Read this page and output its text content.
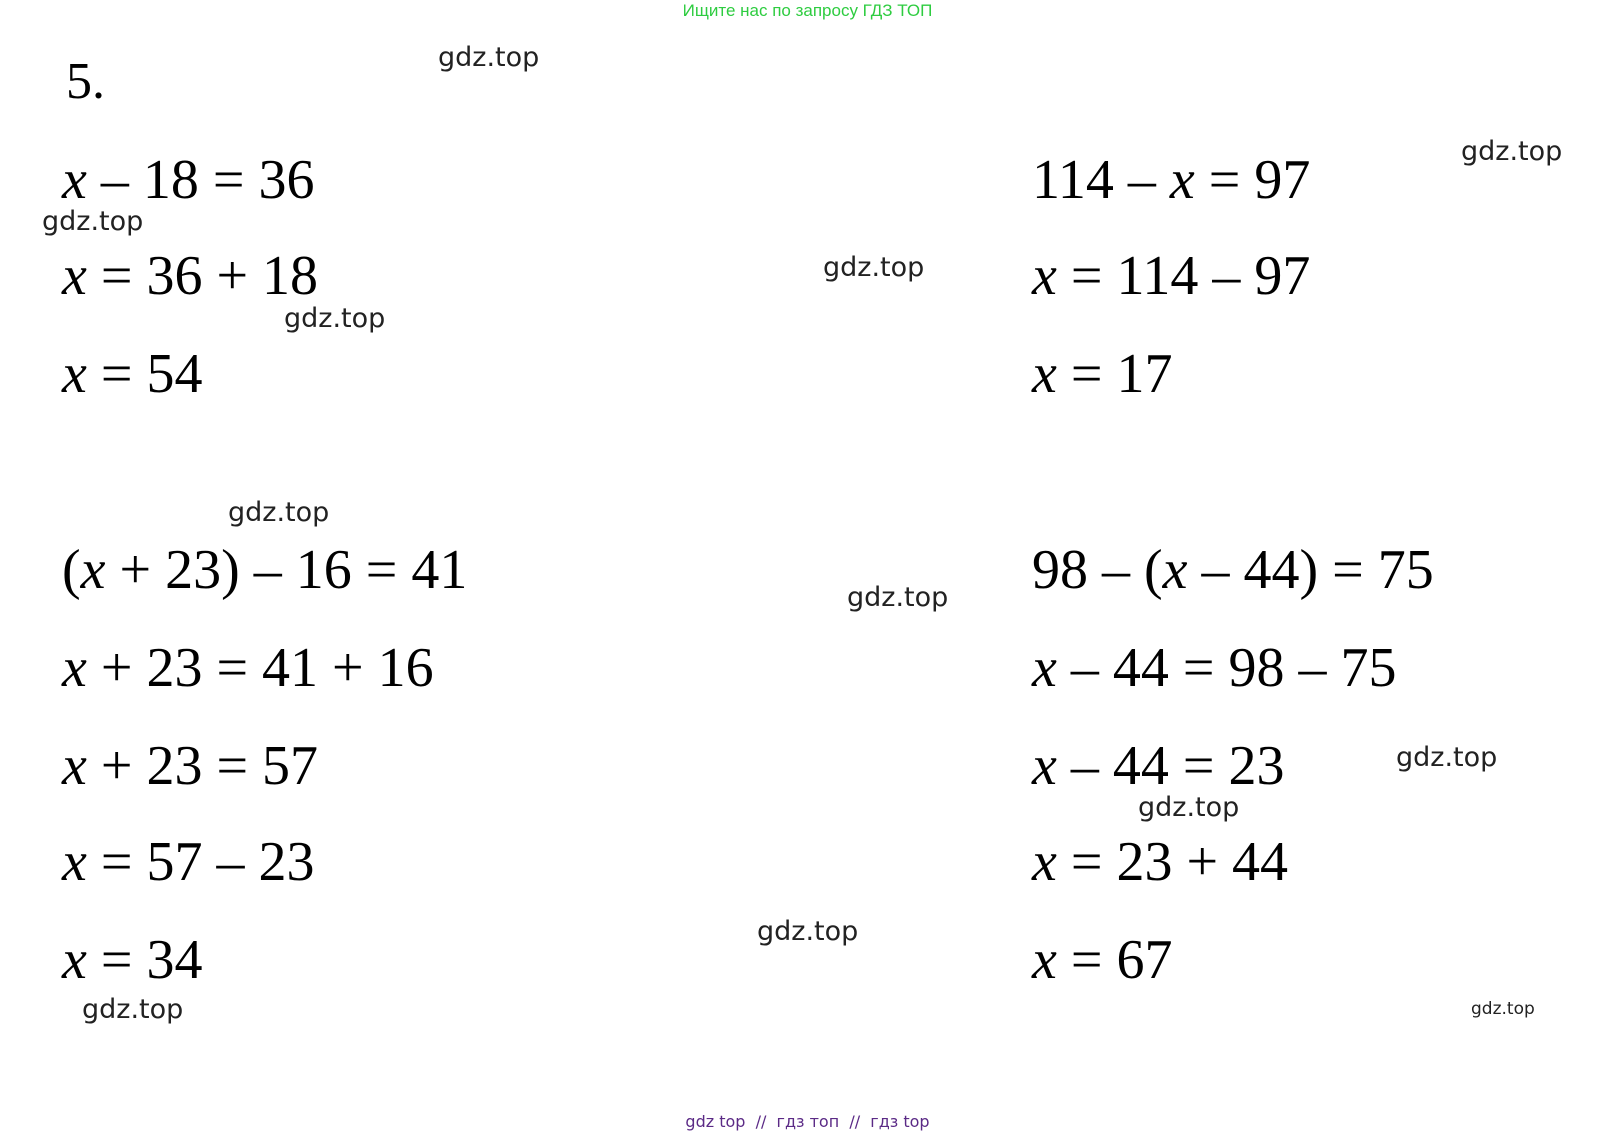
Ищите нас по запросу ГДЗ ТОП
5.
x – 18 = 36
x = 36 + 18
x = 54
114 – x = 97
x = 114 – 97
x = 17
(x + 23) – 16 = 41
x + 23 = 41 + 16
x + 23 = 57
x = 57 – 23
x = 34
98 – (x – 44) = 75
x – 44 = 98 – 75
x – 44 = 23
x = 23 + 44
x = 67
gdz.top
gdz.top
gdz.top
gdz.top
gdz.top
gdz.top
gdz.top
gdz.top
gdz.top
gdz.top
gdz.top
gdz.top
gdz top  //  гдз топ  //  гдз top
